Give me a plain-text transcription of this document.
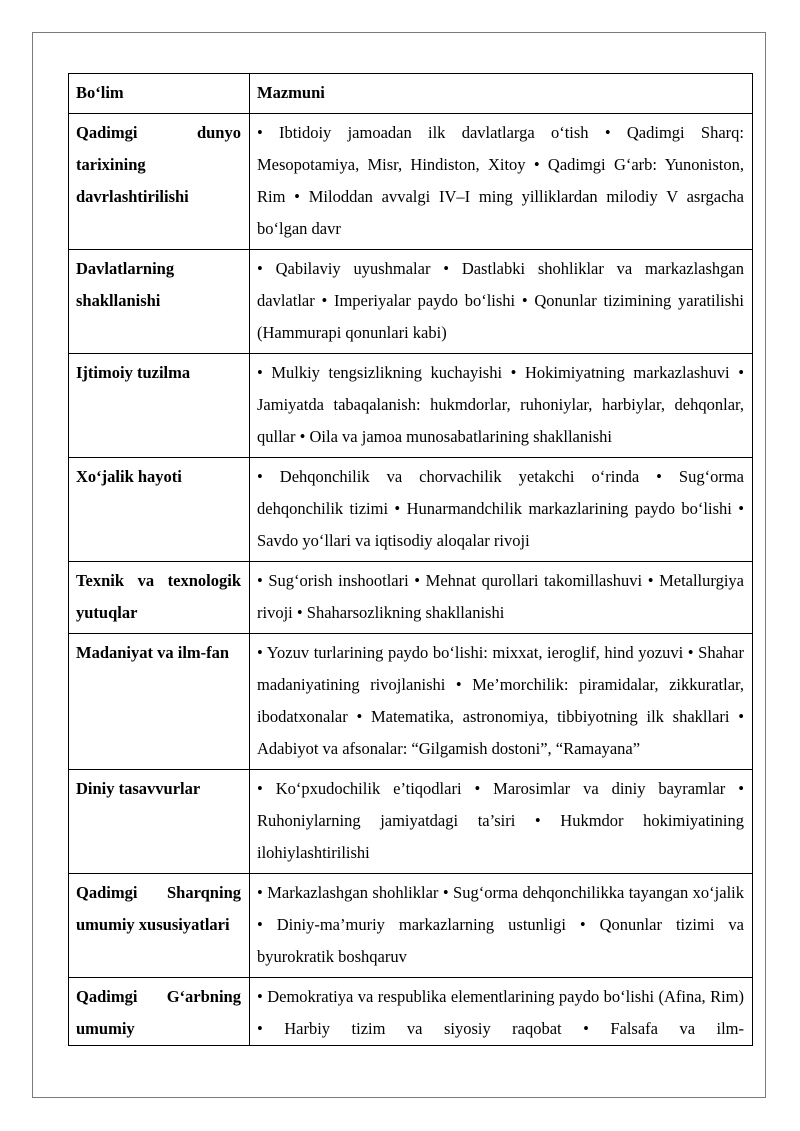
Bo‘lim	Mazmuni
Qadimgi dunyo tarixining davrlashtirilishi	• Ibtidoiy jamoadan ilk davlatlarga o‘tish • Qadimgi Sharq: Mesopotamiya, Misr, Hindiston, Xitoy • Qadimgi G‘arb: Yunoniston, Rim • Miloddan avvalgi IV–I ming yilliklardan milodiy V asrgacha bo‘lgan davr
Davlatlarning shakllanishi	• Qabilaviy uyushmalar • Dastlabki shohliklar va markazlashgan davlatlar • Imperiyalar paydo bo‘lishi • Qonunlar tizimining yaratilishi (Hammurapi qonunlari kabi)
Ijtimoiy tuzilma	• Mulkiy tengsizlikning kuchayishi • Hokimiyatning markazlashuvi • Jamiyatda tabaqalanish: hukmdorlar, ruhoniylar, harbiylar, dehqonlar, qullar • Oila va jamoa munosabatlarining shakllanishi
Xo‘jalik hayoti	• Dehqonchilik va chorvachilik yetakchi o‘rinda • Sug‘orma dehqonchilik tizimi • Hunarmandchilik markazlarining paydo bo‘lishi • Savdo yo‘llari va iqtisodiy aloqalar rivoji
Texnik va texnologik yutuqlar	• Sug‘orish inshootlari • Mehnat qurollari takomillashuvi • Metallurgiya rivoji • Shaharsozlikning shakllanishi
Madaniyat va ilm-fan	• Yozuv turlarining paydo bo‘lishi: mixxat, ieroglif, hind yozuvi • Shahar madaniyatining rivojlanishi • Me’morchilik: piramidalar, zikkuratlar, ibodatxonalar • Matematika, astronomiya, tibbiyotning ilk shakllari • Adabiyot va afsonalar: “Gilgamish dostoni”, “Ramayana”
Diniy tasavvurlar	• Ko‘pxudochilik e’tiqodlari • Marosimlar va diniy bayramlar • Ruhoniylarning jamiyatdagi ta’siri • Hukmdor hokimiyatining ilohiylashtirilishi
Qadimgi Sharqning umumiy xususiyatlari	• Markazlashgan shohliklar • Sug‘orma dehqonchilikka tayangan xo‘jalik • Diniy-ma’muriy markazlarning ustunligi • Qonunlar tizimi va byurokratik boshqaruv
Qadimgi G‘arbning umumiy	• Demokratiya va respublika elementlarining paydo bo‘lishi (Afina, Rim) • Harbiy tizim va siyosiy raqobat • Falsafa va ilm-
